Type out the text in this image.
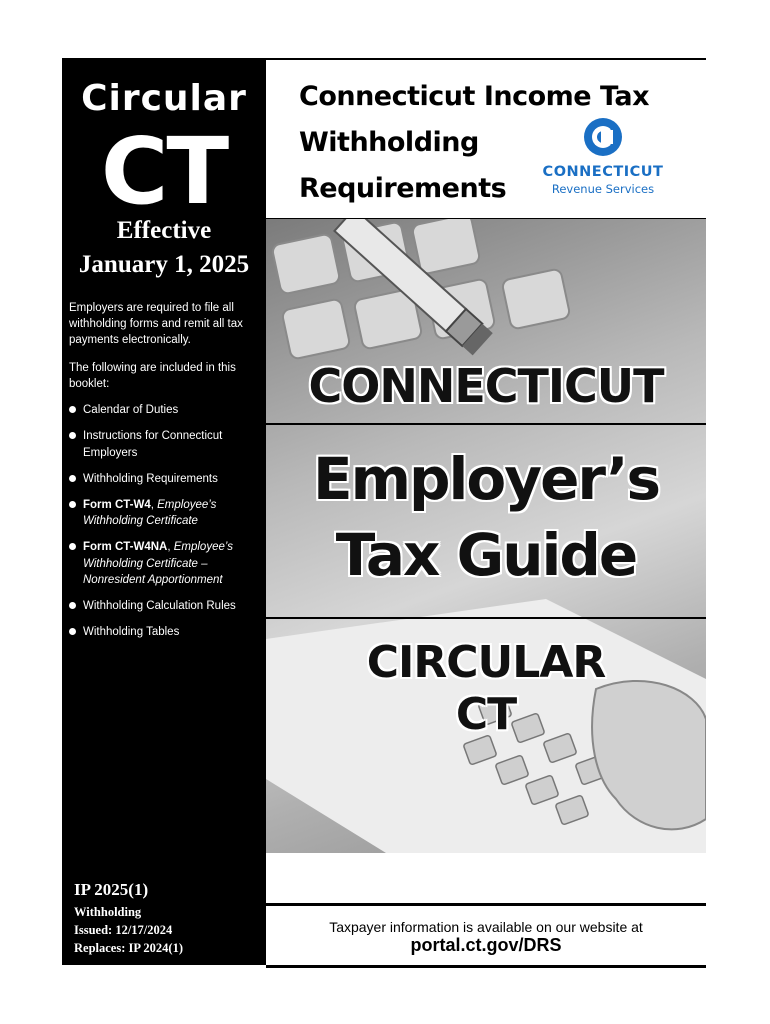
Circular
CT
Effective
January 1, 2025

Employers are required to file all withholding forms and remit all tax payments electronically.

The following are included in this booklet:

Calendar of Duties
Instructions for Connecticut Employers
Withholding Requirements
Form CT-W4, Employee’s Withholding Certificate
Form CT-W4NA, Employee’s Withholding Certificate – Nonresident Apportionment
Withholding Calculation Rules
Withholding Tables
IP 2025(1)
Withholding
Issued: 12/17/2024
Replaces: IP 2024(1)
Connecticut Income Tax
Withholding
Requirements
CONNECTICUT
Revenue Services
CONNECTICUT
Employer’s
Tax Guide
CIRCULAR
CT
Taxpayer information is available on our website at
portal.ct.gov/DRS
